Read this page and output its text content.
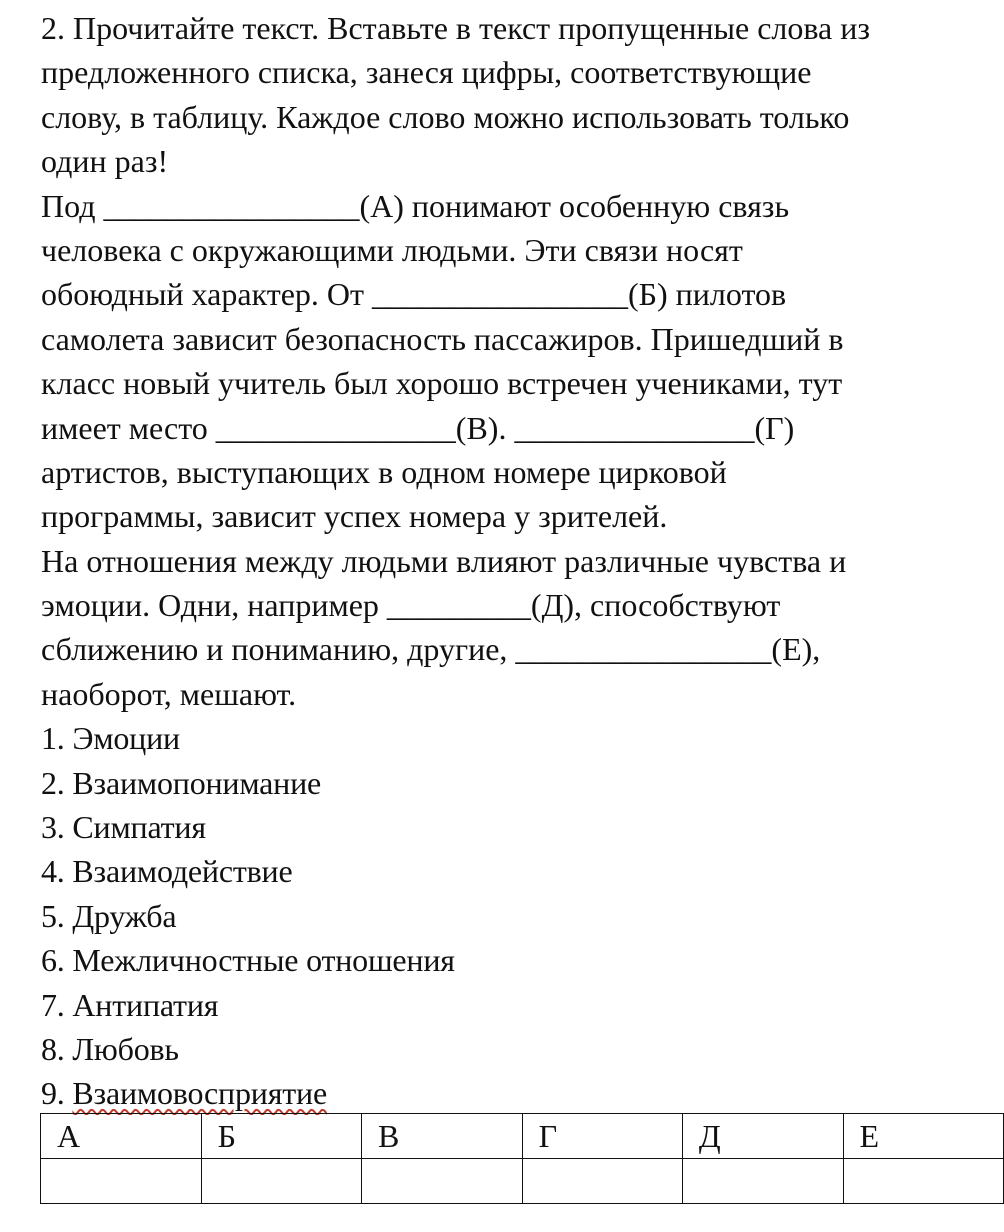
2. Прочитайте текст. Вставьте в текст пропущенные слова из
предложенного списка, занеся цифры, соответствующие
слову, в таблицу. Каждое слово можно использовать только
один раз!
Под ________________(А) понимают особенную связь
человека с окружающими людьми. Эти связи носят
обоюдный характер. От ________________(Б) пилотов
самолета зависит безопасность пассажиров. Пришедший в
класс новый учитель был хорошо встречен учениками, тут
имеет место _______________(В). _______________(Г)
артистов, выступающих в одном номере цирковой
программы, зависит успех номера у зрителей.
На отношения между людьми влияют различные чувства и
эмоции. Одни, например _________(Д), способствуют
сближению и пониманию, другие, ________________(Е),
наоборот, мешают.
1. Эмоции
2. Взаимопонимание
3. Симпатия
4. Взаимодействие
5. Дружба
6. Межличностные отношения
7. Антипатия
8. Любовь
9. Взаимовосприятие
А	Б	В	Г	Д	Е
